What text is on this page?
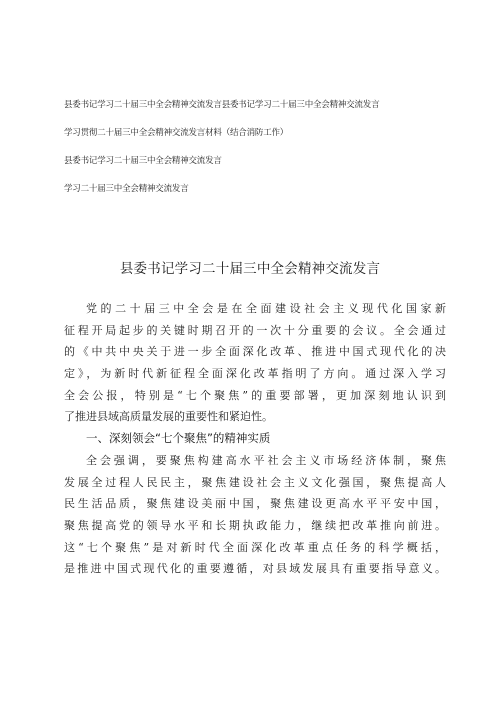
县委书记学习二十届三中全会精神交流发言县委书记学习二十届三中全会精神交流发言
学习贯彻二十届三中全会精神交流发言材料（结合消防工作）
县委书记学习二十届三中全会精神交流发言
学习二十届三中全会精神交流发言
县委书记学习二十届三中全会精神交流发言
党的二十届三中全会是在全面建设社会主义现代化国家新
征程开局起步的关键时期召开的一次十分重要的会议。全会通过
的《中共中央关于进一步全面深化改革、推进中国式现代化的决
定》，为新时代新征程全面深化改革指明了方向。通过深入学习
全会公报，特别是“七个聚焦”的重要部署，更加深刻地认识到
了推进县域高质量发展的重要性和紧迫性。
一、深刻领会“七个聚焦”的精神实质
全会强调，要聚焦构建高水平社会主义市场经济体制，聚焦
发展全过程人民民主，聚焦建设社会主义文化强国，聚焦提高人
民生活品质，聚焦建设美丽中国，聚焦建设更高水平平安中国，
聚焦提高党的领导水平和长期执政能力，继续把改革推向前进。
这“七个聚焦”是对新时代全面深化改革重点任务的科学概括，
是推进中国式现代化的重要遵循，对县域发展具有重要指导意义。
